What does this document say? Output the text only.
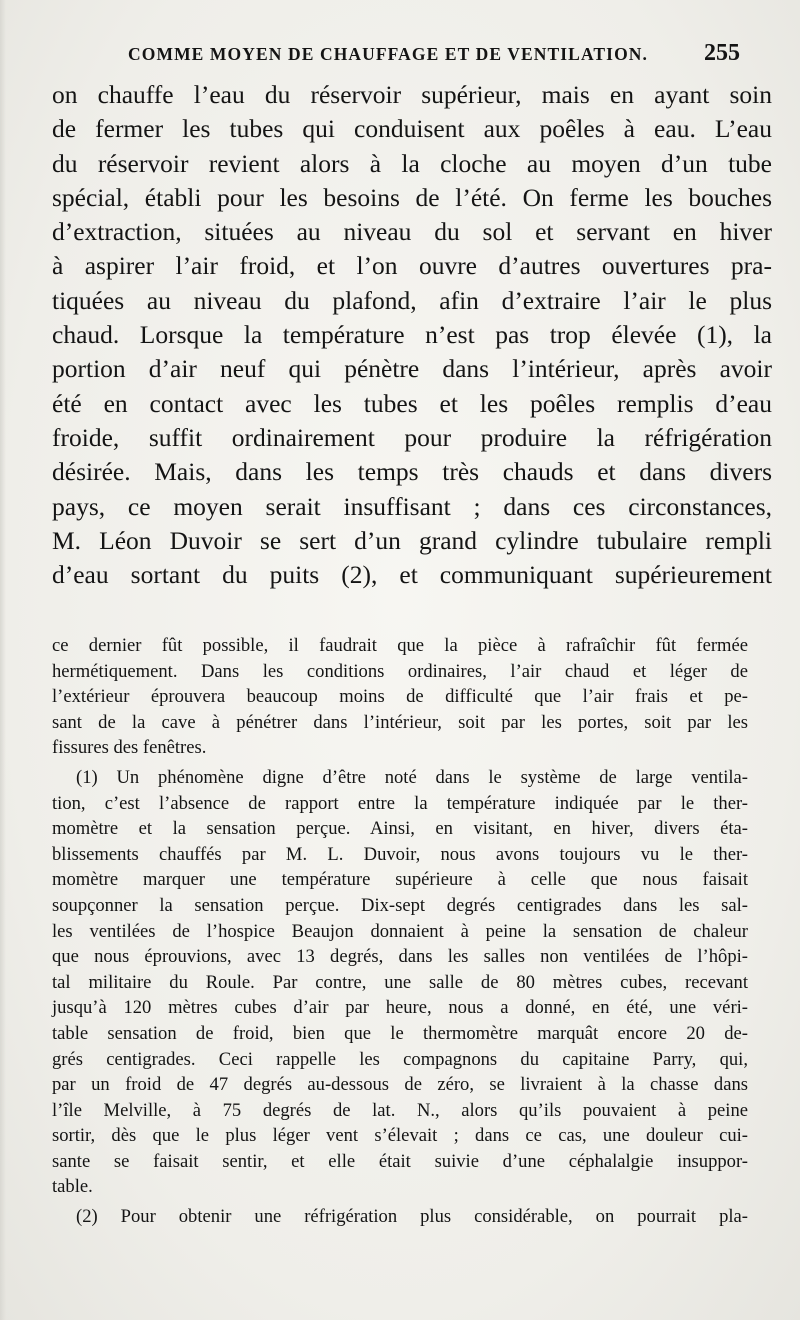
COMME MOYEN DE CHAUFFAGE ET DE VENTILATION. 255
on chauffe l’eau du réservoir supérieur, mais en ayant soin
de fermer les tubes qui conduisent aux poêles à eau. L’eau
du réservoir revient alors à la cloche au moyen d’un tube
spécial, établi pour les besoins de l’été. On ferme les bouches
d’extraction, situées au niveau du sol et servant en hiver
à aspirer l’air froid, et l’on ouvre d’autres ouvertures pra-
tiquées au niveau du plafond, afin d’extraire l’air le plus
chaud. Lorsque la température n’est pas trop élevée (1), la
portion d’air neuf qui pénètre dans l’intérieur, après avoir
été en contact avec les tubes et les poêles remplis d’eau
froide, suffit ordinairement pour produire la réfrigération
désirée. Mais, dans les temps très chauds et dans divers
pays, ce moyen serait insuffisant ; dans ces circonstances,
M. Léon Duvoir se sert d’un grand cylindre tubulaire rempli
d’eau sortant du puits (2), et communiquant supérieurement
ce dernier fût possible, il faudrait que la pièce à rafraîchir fût fermée
hermétiquement. Dans les conditions ordinaires, l’air chaud et léger de
l’extérieur éprouvera beaucoup moins de difficulté que l’air frais et pe-
sant de la cave à pénétrer dans l’intérieur, soit par les portes, soit par les
fissures des fenêtres.
(1) Un phénomène digne d’être noté dans le système de large ventila-
tion, c’est l’absence de rapport entre la température indiquée par le ther-
momètre et la sensation perçue. Ainsi, en visitant, en hiver, divers éta-
blissements chauffés par M. L. Duvoir, nous avons toujours vu le ther-
momètre marquer une température supérieure à celle que nous faisait
soupçonner la sensation perçue. Dix-sept degrés centigrades dans les sal-
les ventilées de l’hospice Beaujon donnaient à peine la sensation de chaleur
que nous éprouvions, avec 13 degrés, dans les salles non ventilées de l’hôpi-
tal militaire du Roule. Par contre, une salle de 80 mètres cubes, recevant
jusqu’à 120 mètres cubes d’air par heure, nous a donné, en été, une véri-
table sensation de froid, bien que le thermomètre marquât encore 20 de-
grés centigrades. Ceci rappelle les compagnons du capitaine Parry, qui,
par un froid de 47 degrés au-dessous de zéro, se livraient à la chasse dans
l’île Melville, à 75 degrés de lat. N., alors qu’ils pouvaient à peine
sortir, dès que le plus léger vent s’élevait ; dans ce cas, une douleur cui-
sante se faisait sentir, et elle était suivie d’une céphalalgie insuppor-
table.
(2) Pour obtenir une réfrigération plus considérable, on pourrait pla-
